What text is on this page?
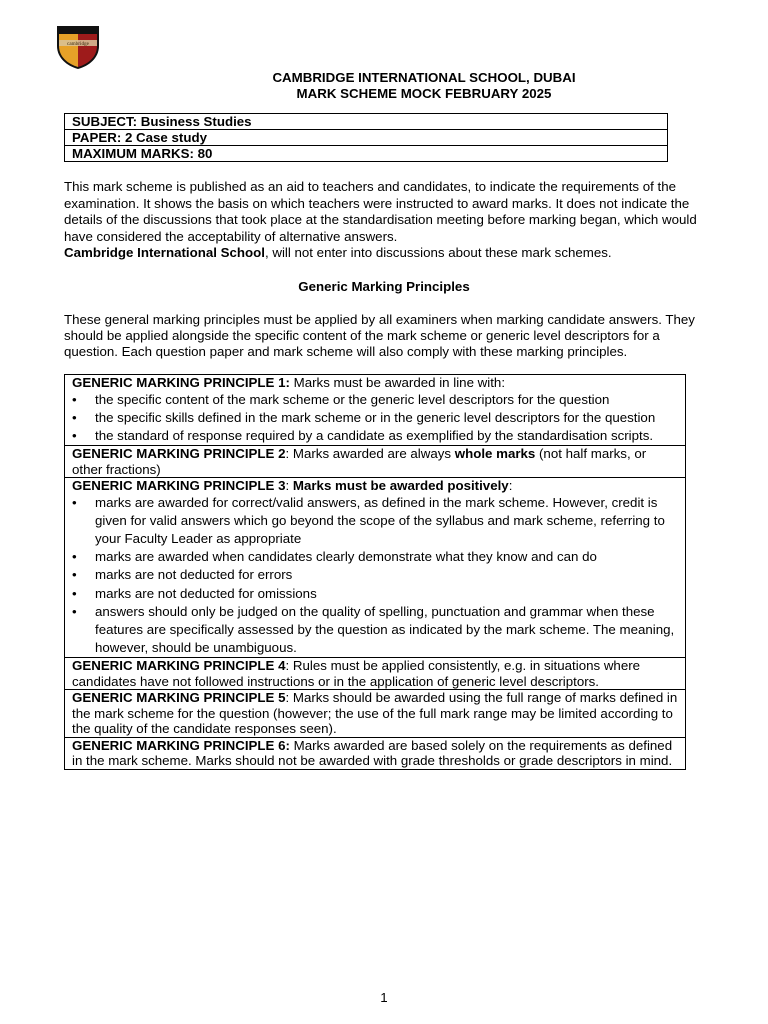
cambridge
CAMBRIDGE INTERNATIONAL SCHOOL, DUBAI
MARK SCHEME MOCK FEBRUARY 2025
SUBJECT: Business Studies
PAPER: 2 Case study
MAXIMUM MARKS: 80

This mark scheme is published as an aid to teachers and candidates, to indicate the requirements of the examination. It shows the basis on which teachers were instructed to award marks. It does not indicate the details of the discussions that took place at the standardisation meeting before marking began, which would have considered the acceptability of alternative answers.

Cambridge International School, will not enter into discussions about these mark schemes.

Generic Marking Principles

These general marking principles must be applied by all examiners when marking candidate answers. They should be applied alongside the specific content of the mark scheme or generic level descriptors for a question. Each question paper and mark scheme will also comply with these marking principles.

GENERIC MARKING PRINCIPLE 1: Marks must be awarded in line with:
• the specific content of the mark scheme or the generic level descriptors for the question
• the specific skills defined in the mark scheme or in the generic level descriptors for the question
• the standard of response required by a candidate as exemplified by the standardisation scripts.

GENERIC MARKING PRINCIPLE 2: Marks awarded are always whole marks (not half marks, or other fractions)

GENERIC MARKING PRINCIPLE 3: Marks must be awarded positively:
• marks are awarded for correct/valid answers, as defined in the mark scheme. However, credit is given for valid answers which go beyond the scope of the syllabus and mark scheme, referring to your Faculty Leader as appropriate
• marks are awarded when candidates clearly demonstrate what they know and can do
• marks are not deducted for errors
• marks are not deducted for omissions
• answers should only be judged on the quality of spelling, punctuation and grammar when these features are specifically assessed by the question as indicated by the mark scheme. The meaning, however, should be unambiguous.

GENERIC MARKING PRINCIPLE 4: Rules must be applied consistently, e.g. in situations where candidates have not followed instructions or in the application of generic level descriptors.
GENERIC MARKING PRINCIPLE 5: Marks should be awarded using the full range of marks defined in the mark scheme for the question (however; the use of the full mark range may be limited according to the quality of the candidate responses seen).
GENERIC MARKING PRINCIPLE 6: Marks awarded are based solely on the requirements as defined in the mark scheme. Marks should not be awarded with grade thresholds or grade descriptors in mind.
1
